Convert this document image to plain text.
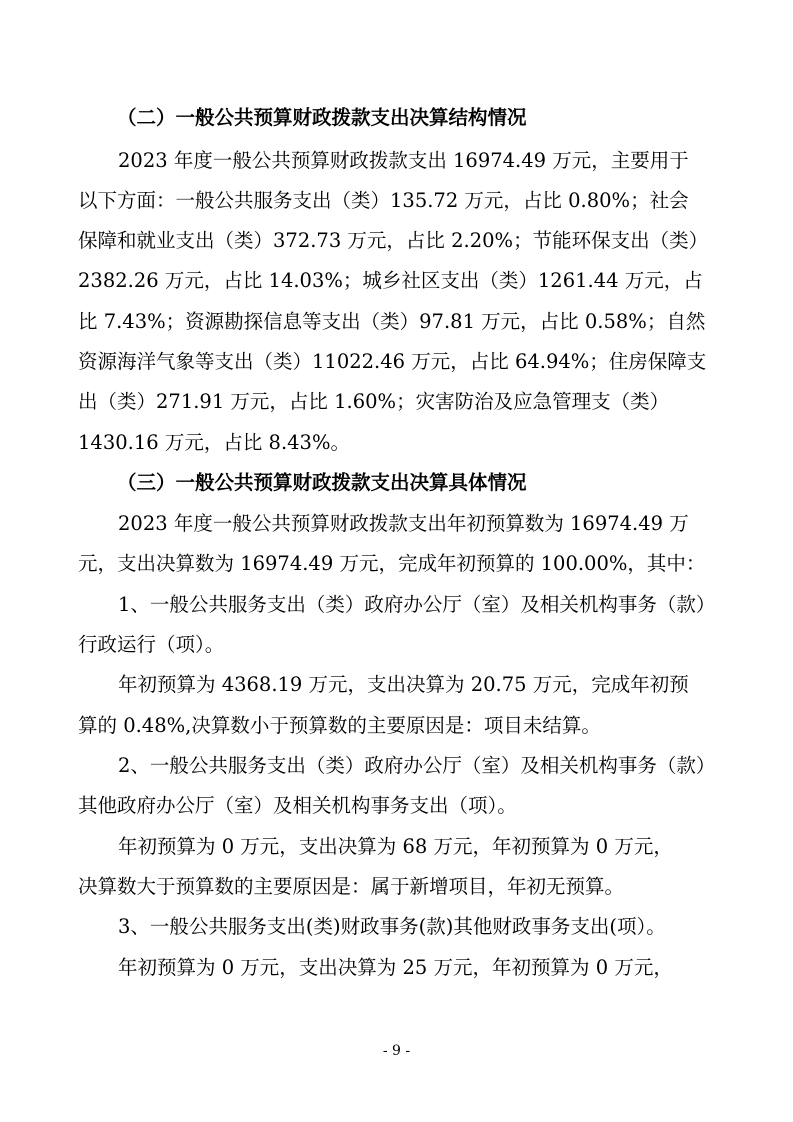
（二）一般公共预算财政拨款支出决算结构情况
2023 年度一般公共预算财政拨款支出 16974.49 万元，主要用于
以下方面：一般公共服务支出（类）135.72 万元，占比 0.80%；社会
保障和就业支出（类）372.73 万元，占比 2.20%；节能环保支出（类）
2382.26 万元，占比 14.03%；城乡社区支出（类）1261.44 万元，占
比 7.43%；资源勘探信息等支出（类）97.81 万元，占比 0.58%；自然
资源海洋气象等支出（类）11022.46 万元，占比 64.94%；住房保障支
出（类）271.91 万元，占比 1.60%；灾害防治及应急管理支（类）
1430.16 万元，占比 8.43%。
（三）一般公共预算财政拨款支出决算具体情况
2023 年度一般公共预算财政拨款支出年初预算数为 16974.49 万
元，支出决算数为 16974.49 万元，完成年初预算的 100.00%，其中：
1、一般公共服务支出（类）政府办公厅（室）及相关机构事务（款）
行政运行（项）。
年初预算为 4368.19 万元，支出决算为 20.75 万元，完成年初预
算的 0.48%,决算数小于预算数的主要原因是：项目未结算。
2、一般公共服务支出（类）政府办公厅（室）及相关机构事务（款）
其他政府办公厅（室）及相关机构事务支出（项）。
年初预算为 0 万元，支出决算为 68 万元，年初预算为 0 万元，
决算数大于预算数的主要原因是：属于新增项目，年初无预算。
3、一般公共服务支出(类)财政事务(款)其他财政事务支出(项）。
年初预算为 0 万元，支出决算为 25 万元，年初预算为 0 万元，
- 9 -
